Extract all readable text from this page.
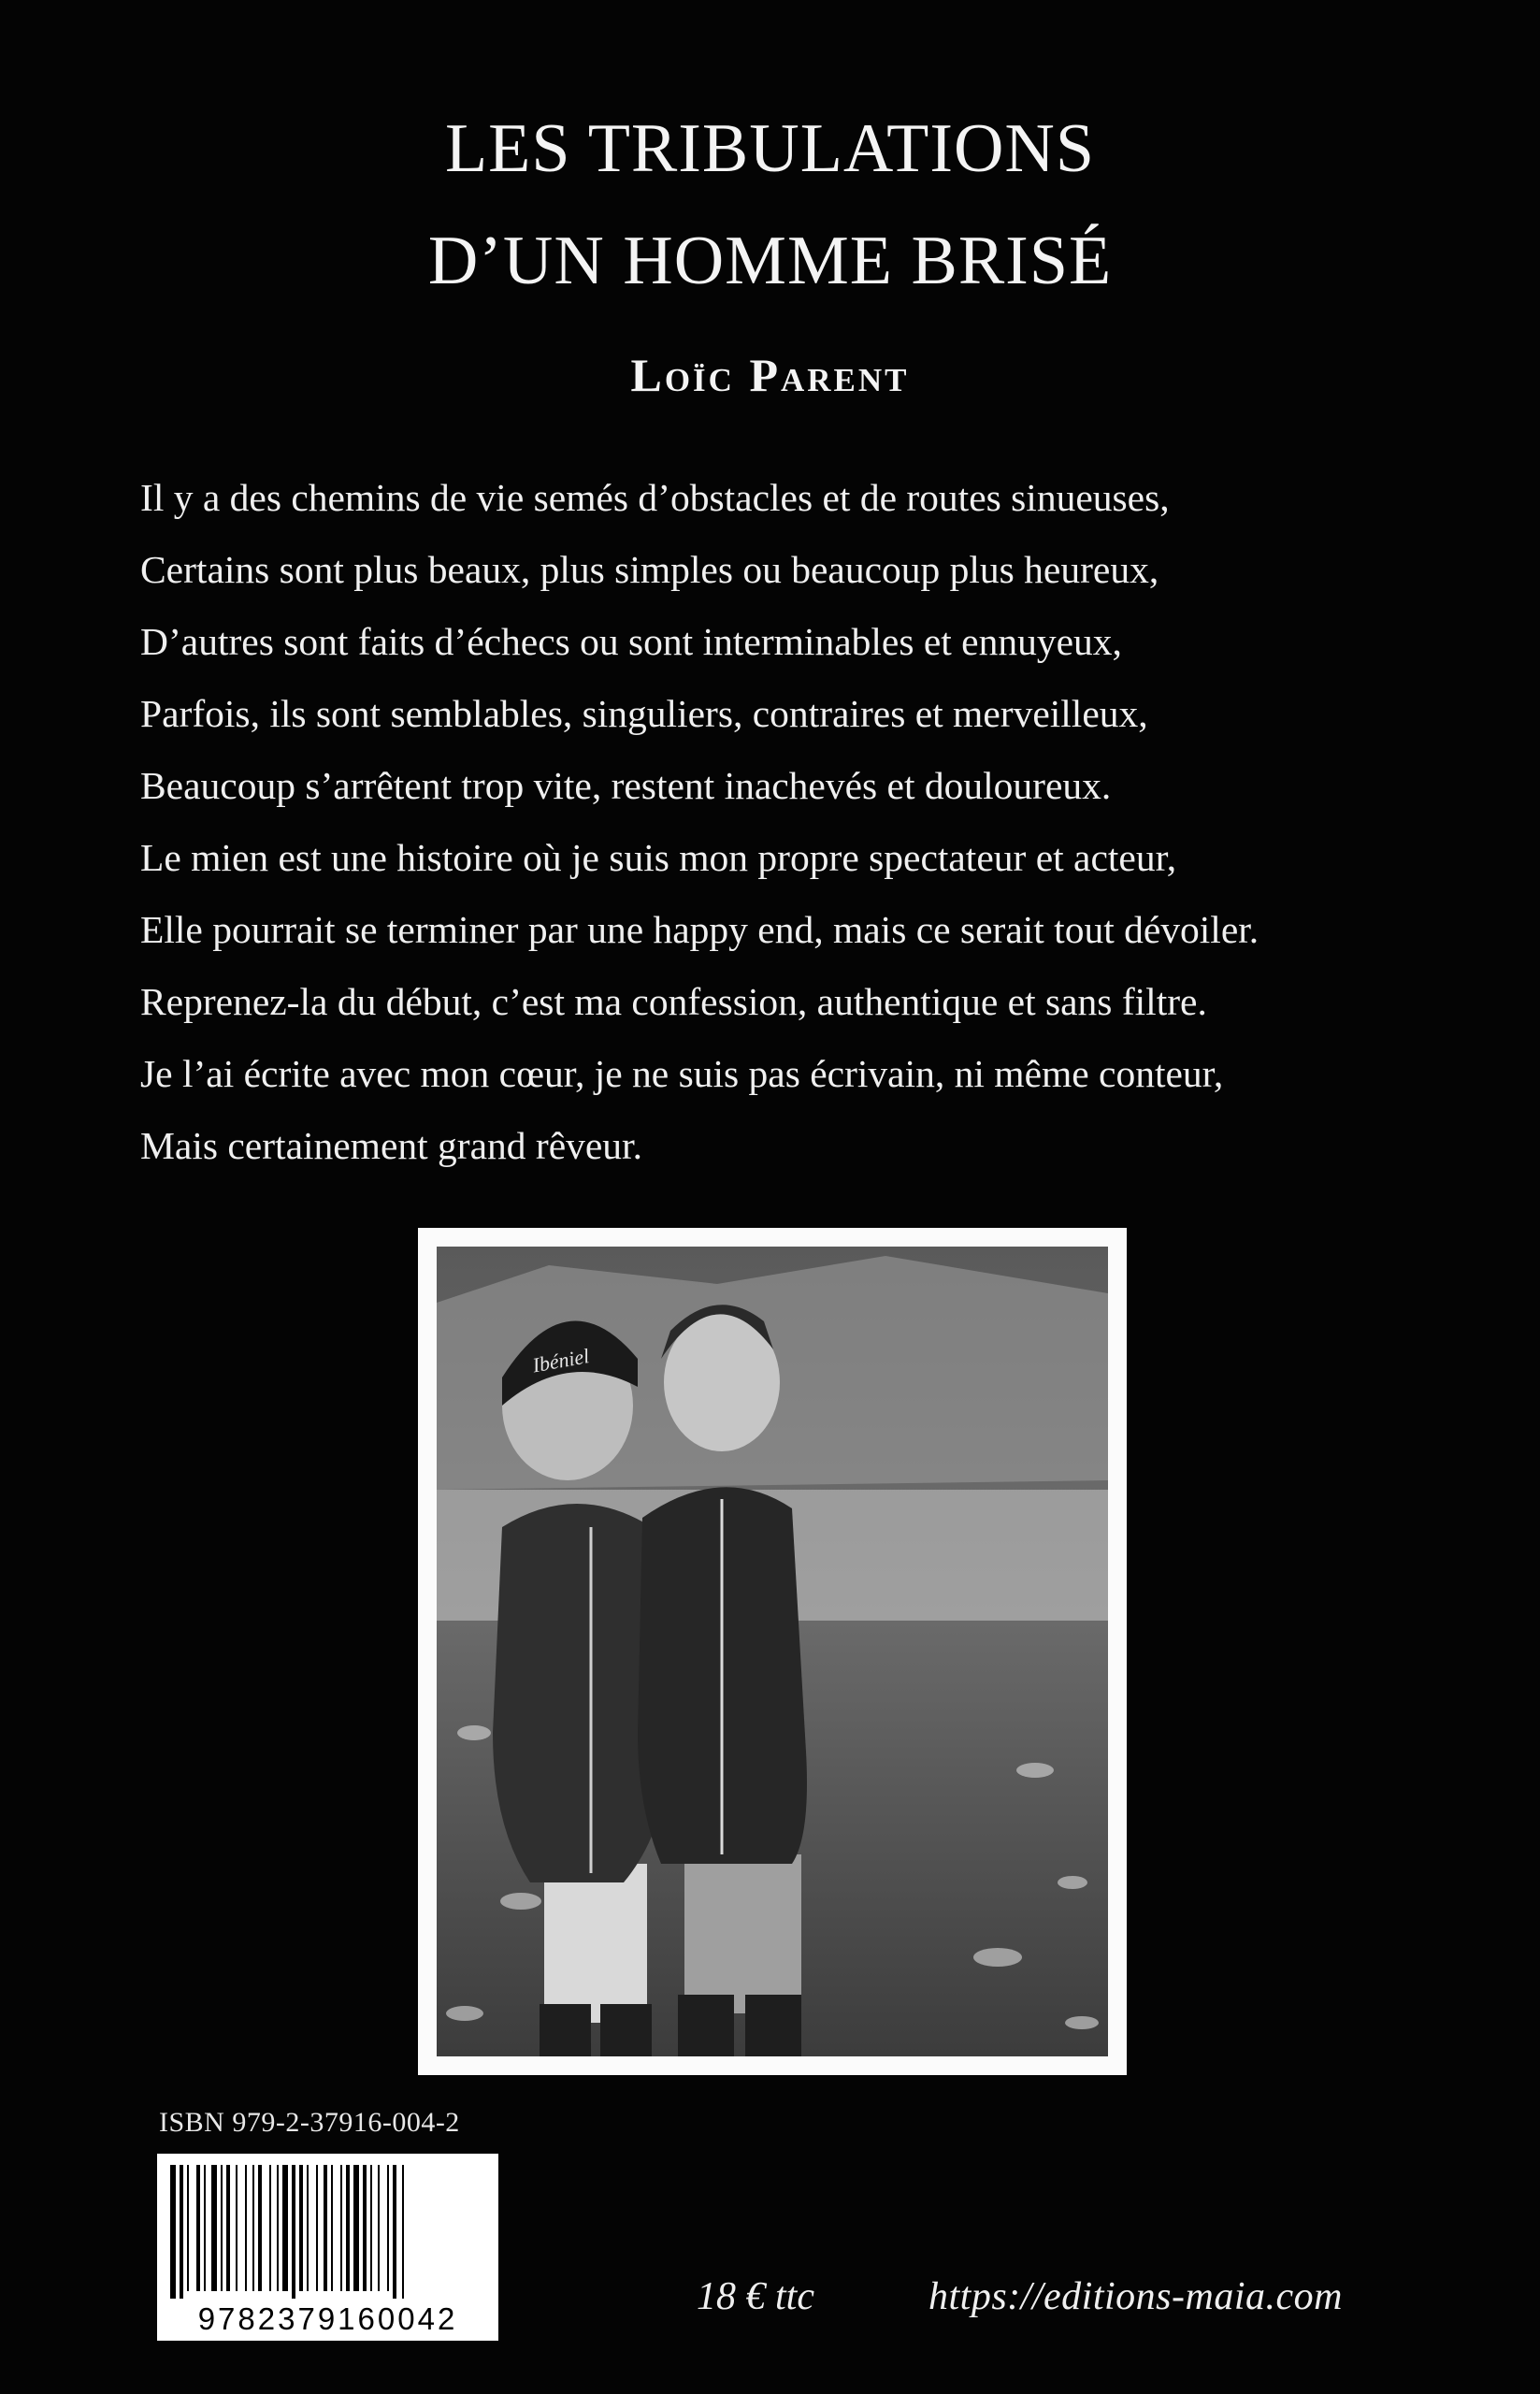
LES TRIBULATIONS
D’UN HOMME BRISÉ
Loïc Parent
Il y a des chemins de vie semés d’obstacles et de routes sinueuses,
Certains sont plus beaux, plus simples ou beaucoup plus heureux,
D’autres sont faits d’échecs ou sont interminables et ennuyeux,
Parfois, ils sont semblables, singuliers, contraires et merveilleux,
Beaucoup s’arrêtent trop vite, restent inachevés et douloureux.
Le mien est une histoire où je suis mon propre spectateur et acteur,
Elle pourrait se terminer par une happy end, mais ce serait tout dévoiler.
Reprenez-la du début, c’est ma confession, authentique et sans filtre.
Je l’ai écrite avec mon cœur, je ne suis pas écrivain, ni même conteur,
Mais certainement grand rêveur.
Ibéniel
ISBN 979-2-37916-004-2
9782379160042
18 € ttc	https://editions-maia.com
